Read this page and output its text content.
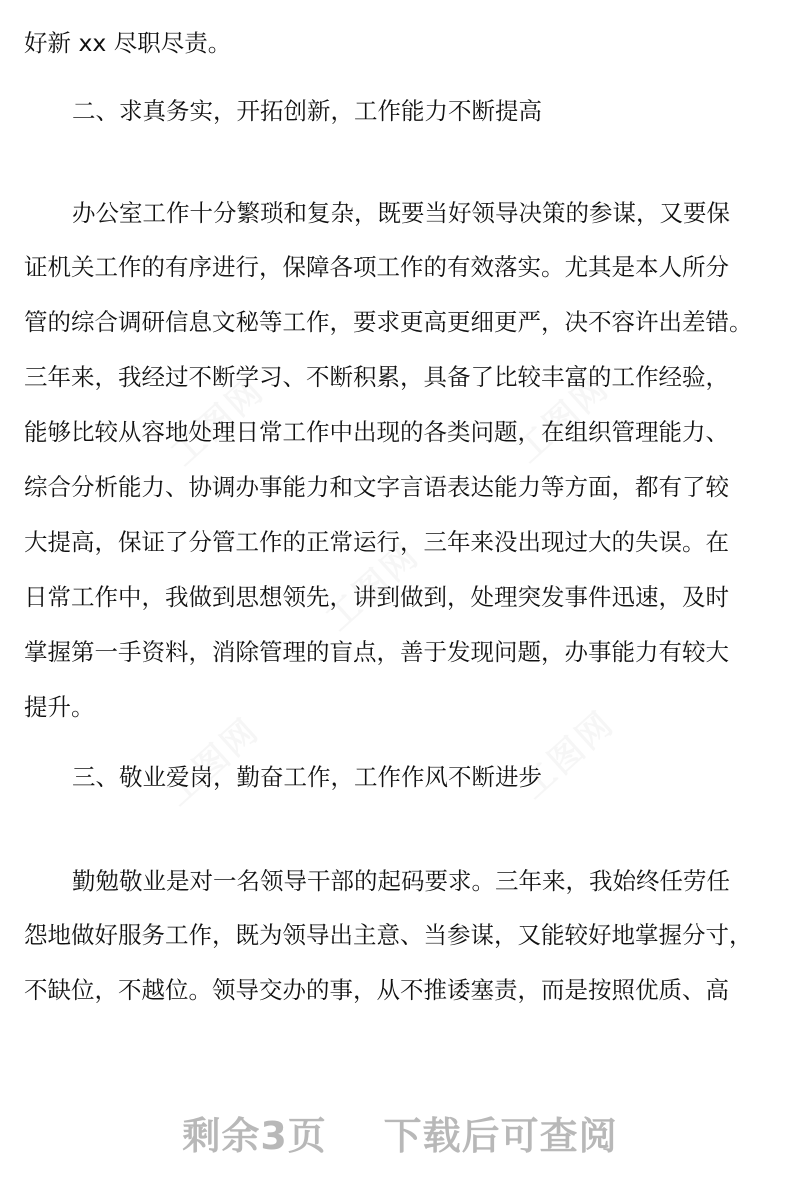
好新 xx 尽职尽责。
二、求真务实，开拓创新，工作能力不断提高
办公室工作十分繁琐和复杂，既要当好领导决策的参谋，又要保
证机关工作的有序进行，保障各项工作的有效落实。尤其是本人所分
管的综合调研信息文秘等工作，要求更高更细更严，决不容许出差错。
三年来，我经过不断学习、不断积累，具备了比较丰富的工作经验，
能够比较从容地处理日常工作中出现的各类问题，在组织管理能力、
综合分析能力、协调办事能力和文字言语表达能力等方面，都有了较
大提高，保证了分管工作的正常运行，三年来没出现过大的失误。在
日常工作中，我做到思想领先，讲到做到，处理突发事件迅速，及时
掌握第一手资料，消除管理的盲点，善于发现问题，办事能力有较大
提升。
三、敬业爱岗，勤奋工作，工作作风不断进步
勤勉敬业是对一名领导干部的起码要求。三年来，我始终任劳任
怨地做好服务工作，既为领导出主意、当参谋，又能较好地掌握分寸，
不缺位，不越位。领导交办的事，从不推诿塞责，而是按照优质、高
剩余3页    下载后可查阅
